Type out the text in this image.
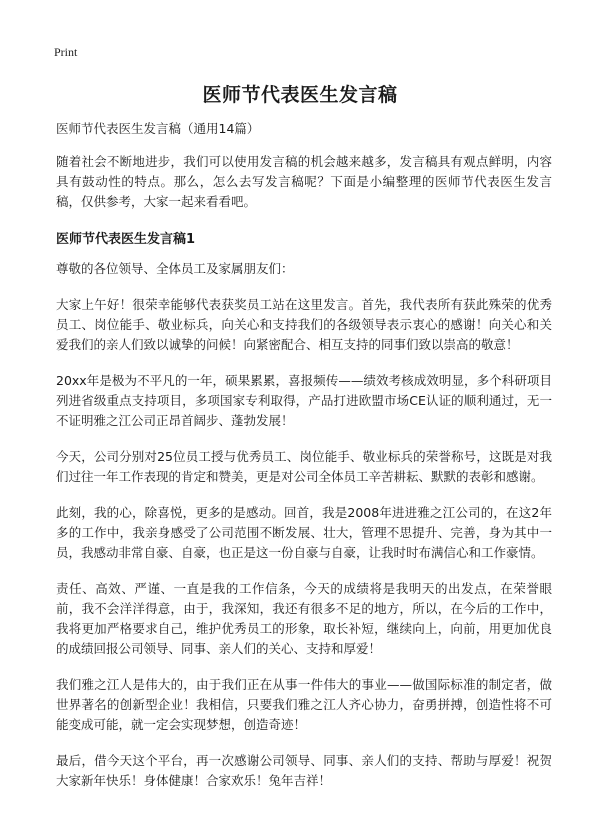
Print
医师节代表医生发言稿

医师节代表医生发言稿（通用14篇）

随着社会不断地进步，我们可以使用发言稿的机会越来越多，发言稿具有观点鲜明，内容具有鼓动性的特点。那么，怎么去写发言稿呢？下面是小编整理的医师节代表医生发言稿，仅供参考，大家一起来看看吧。

医师节代表医生发言稿1

尊敬的各位领导、全体员工及家属朋友们：

大家上午好！很荣幸能够代表获奖员工站在这里发言。首先，我代表所有获此殊荣的优秀员工、岗位能手、敬业标兵，向关心和支持我们的各级领导表示衷心的感谢！向关心和关爱我们的亲人们致以诚挚的问候！向紧密配合、相互支持的同事们致以崇高的敬意！

20xx年是极为不平凡的一年，硕果累累，喜报频传——绩效考核成效明显，多个科研项目列进省级重点支持项目，多项国家专利取得，产品打进欧盟市场CE认证的顺利通过，无一不证明雅之江公司正昂首阔步、蓬勃发展！

今天，公司分别对25位员工授与优秀员工、岗位能手、敬业标兵的荣誉称号，这既是对我们过往一年工作表现的肯定和赞美，更是对公司全体员工辛苦耕耘、默默的表彰和感谢。

此刻，我的心，除喜悦，更多的是感动。回首，我是2008年进进雅之江公司的，在这2年多的工作中，我亲身感受了公司范围不断发展、壮大，管理不思提升、完善，身为其中一员，我感动非常自豪、自豪，也正是这一份自豪与自豪，让我时时布满信心和工作豪情。

责任、高效、严谨、一直是我的工作信条，今天的成绩将是我明天的出发点，在荣誉眼前，我不会洋洋得意，由于，我深知，我还有很多不足的地方，所以，在今后的工作中，我将更加严格要求自己，维护优秀员工的形象，取长补短，继续向上，向前，用更加优良的成绩回报公司领导、同事、亲人们的关心、支持和厚爱！

我们雅之江人是伟大的，由于我们正在从事一件伟大的事业——做国际标准的制定者，做世界著名的创新型企业！我相信，只要我们雅之江人齐心协力，奋勇拼搏，创造性将不可能变成可能，就一定会实现梦想，创造奇迹！

最后，借今天这个平台，再一次感谢公司领导、同事、亲人们的支持、帮助与厚爱！祝贺大家新年快乐！身体健康！合家欢乐！兔年吉祥！
